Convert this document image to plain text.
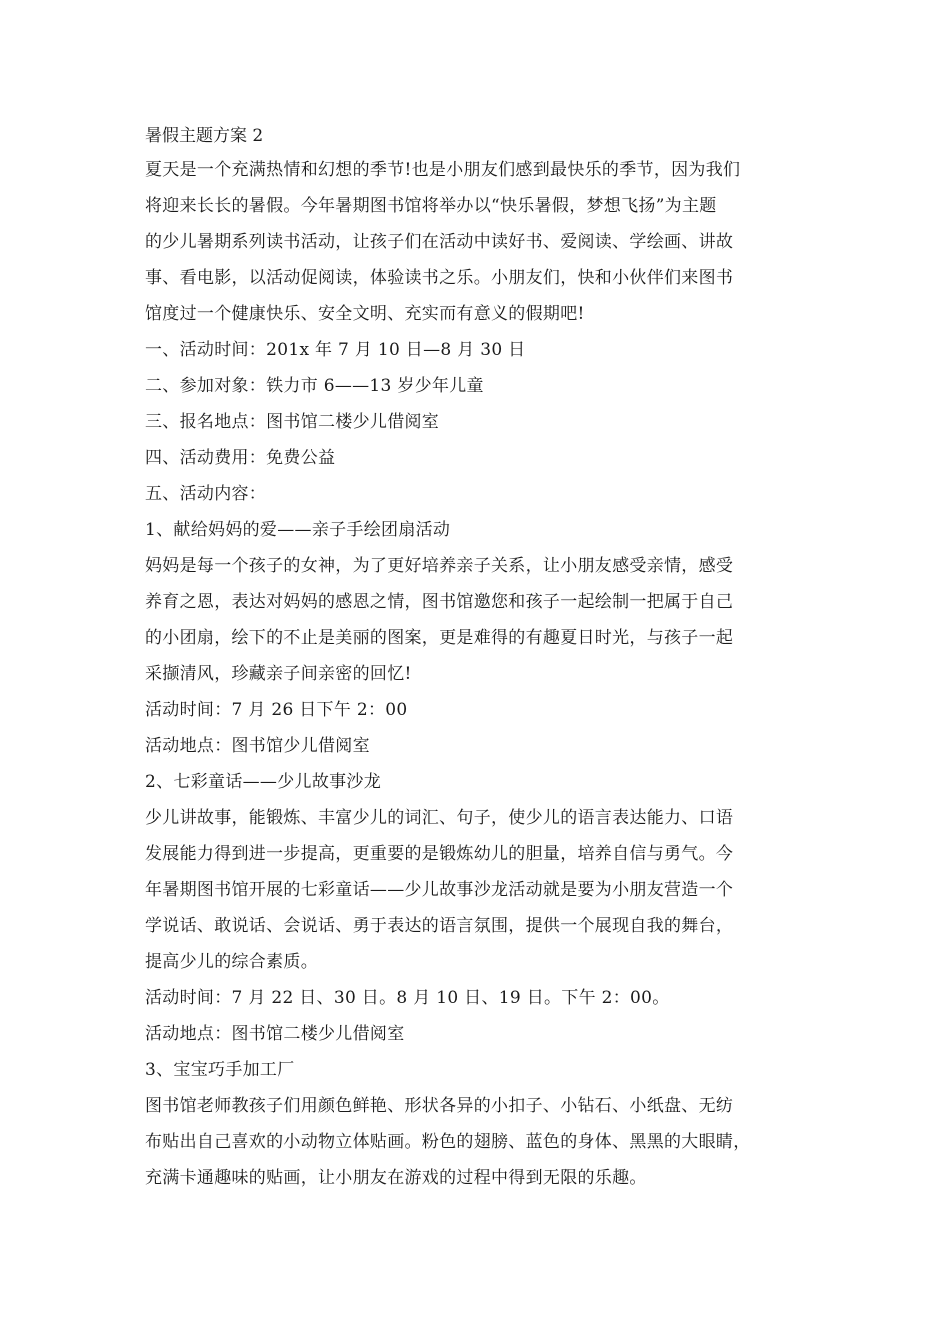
暑假主题方案 2
夏天是一个充满热情和幻想的季节!也是小朋友们感到最快乐的季节，因为我们
将迎来长长的暑假。今年暑期图书馆将举办以“快乐暑假，梦想飞扬”为主题
的少儿暑期系列读书活动，让孩子们在活动中读好书、爱阅读、学绘画、讲故
事、看电影，以活动促阅读，体验读书之乐。小朋友们，快和小伙伴们来图书
馆度过一个健康快乐、安全文明、充实而有意义的假期吧!
一、活动时间：201x 年 7 月 10 日—8 月 30 日
二、参加对象：铁力市 6——13 岁少年儿童
三、报名地点：图书馆二楼少儿借阅室
四、活动费用：免费公益
五、活动内容：
1、献给妈妈的爱——亲子手绘团扇活动
妈妈是每一个孩子的女神，为了更好培养亲子关系，让小朋友感受亲情，感受
养育之恩，表达对妈妈的感恩之情，图书馆邀您和孩子一起绘制一把属于自己
的小团扇，绘下的不止是美丽的图案，更是难得的有趣夏日时光，与孩子一起
采撷清风，珍藏亲子间亲密的回忆!
活动时间：7 月 26 日下午 2：00
活动地点：图书馆少儿借阅室
2、七彩童话——少儿故事沙龙
少儿讲故事，能锻炼、丰富少儿的词汇、句子，使少儿的语言表达能力、口语
发展能力得到进一步提高，更重要的是锻炼幼儿的胆量，培养自信与勇气。今
年暑期图书馆开展的七彩童话——少儿故事沙龙活动就是要为小朋友营造一个
学说话、敢说话、会说话、勇于表达的语言氛围，提供一个展现自我的舞台，
提高少儿的综合素质。
活动时间：7 月 22 日、30 日。8 月 10 日、19 日。下午 2：00。
活动地点：图书馆二楼少儿借阅室
3、宝宝巧手加工厂
图书馆老师教孩子们用颜色鲜艳、形状各异的小扣子、小钻石、小纸盘、无纺
布贴出自己喜欢的小动物立体贴画。粉色的翅膀、蓝色的身体、黑黑的大眼睛，
充满卡通趣味的贴画，让小朋友在游戏的过程中得到无限的乐趣。
